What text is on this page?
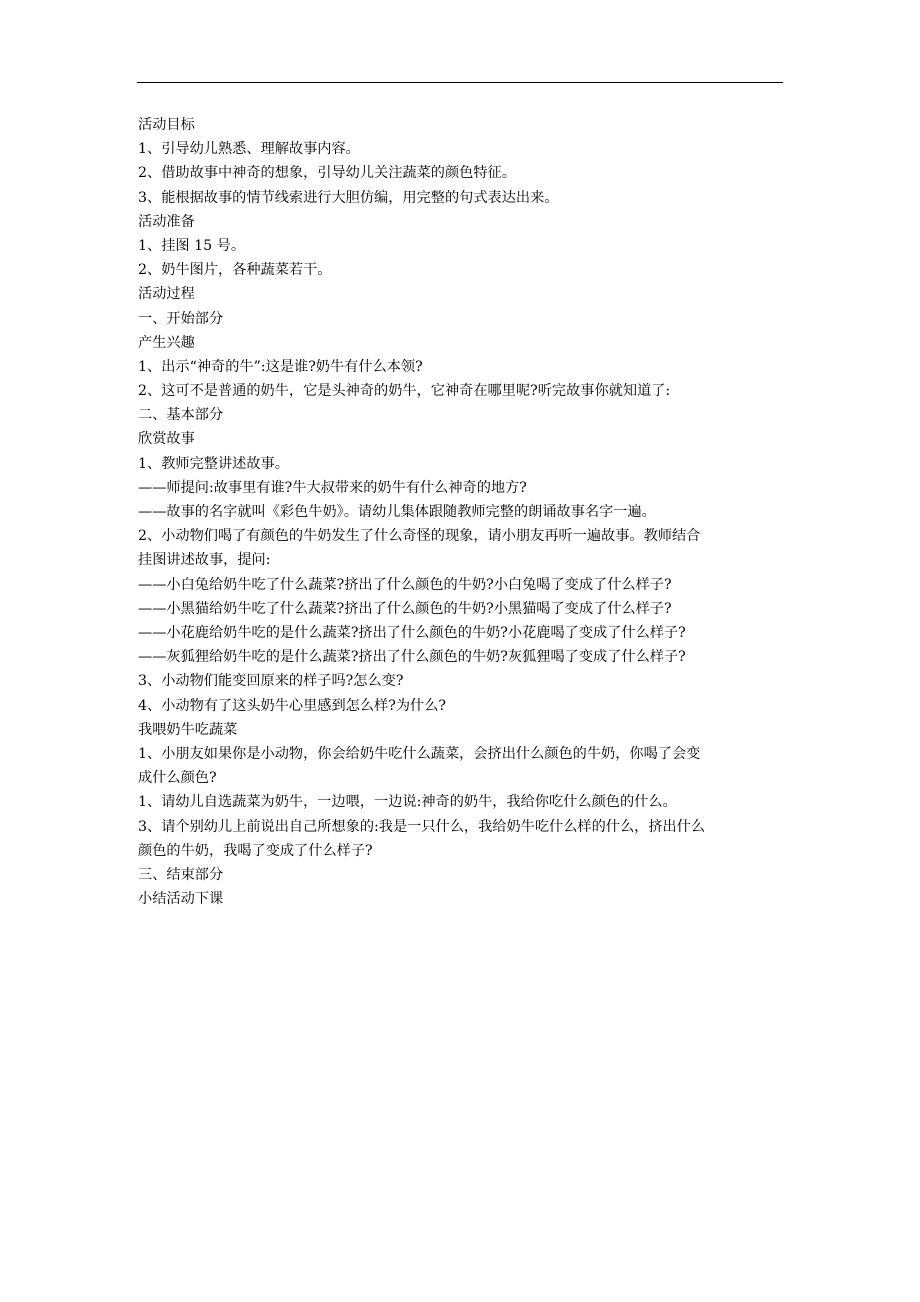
活动目标
1、引导幼儿熟悉、理解故事内容。
2、借助故事中神奇的想象，引导幼儿关注蔬菜的颜色特征。
3、能根据故事的情节线索进行大胆仿编，用完整的句式表达出来。
活动准备
1、挂图 15 号。
2、奶牛图片，各种蔬菜若干。
活动过程
一、开始部分
产生兴趣
1、出示“神奇的牛”:这是谁?奶牛有什么本领?
2、这可不是普通的奶牛，它是头神奇的奶牛，它神奇在哪里呢?听完故事你就知道了:
二、基本部分
欣赏故事
1、教师完整讲述故事。
——师提问:故事里有谁?牛大叔带来的奶牛有什么神奇的地方?
——故事的名字就叫《彩色牛奶》。请幼儿集体跟随教师完整的朗诵故事名字一遍。
2、小动物们喝了有颜色的牛奶发生了什么奇怪的现象，请小朋友再听一遍故事。教师结合
挂图讲述故事，提问:
——小白兔给奶牛吃了什么蔬菜?挤出了什么颜色的牛奶?小白兔喝了变成了什么样子?
——小黑猫给奶牛吃了什么蔬菜?挤出了什么颜色的牛奶?小黑猫喝了变成了什么样子?
——小花鹿给奶牛吃的是什么蔬菜?挤出了什么颜色的牛奶?小花鹿喝了变成了什么样子?
——灰狐狸给奶牛吃的是什么蔬菜?挤出了什么颜色的牛奶?灰狐狸喝了变成了什么样子?
3、小动物们能变回原来的样子吗?怎么变?
4、小动物有了这头奶牛心里感到怎么样?为什么?
我喂奶牛吃蔬菜
1、小朋友如果你是小动物，你会给奶牛吃什么蔬菜，会挤出什么颜色的牛奶，你喝了会变
成什么颜色?
1、请幼儿自选蔬菜为奶牛，一边喂，一边说:神奇的奶牛，我给你吃什么颜色的什么。
3、请个别幼儿上前说出自己所想象的:我是一只什么，我给奶牛吃什么样的什么，挤出什么
颜色的牛奶，我喝了变成了什么样子?
三、结束部分
小结活动下课
